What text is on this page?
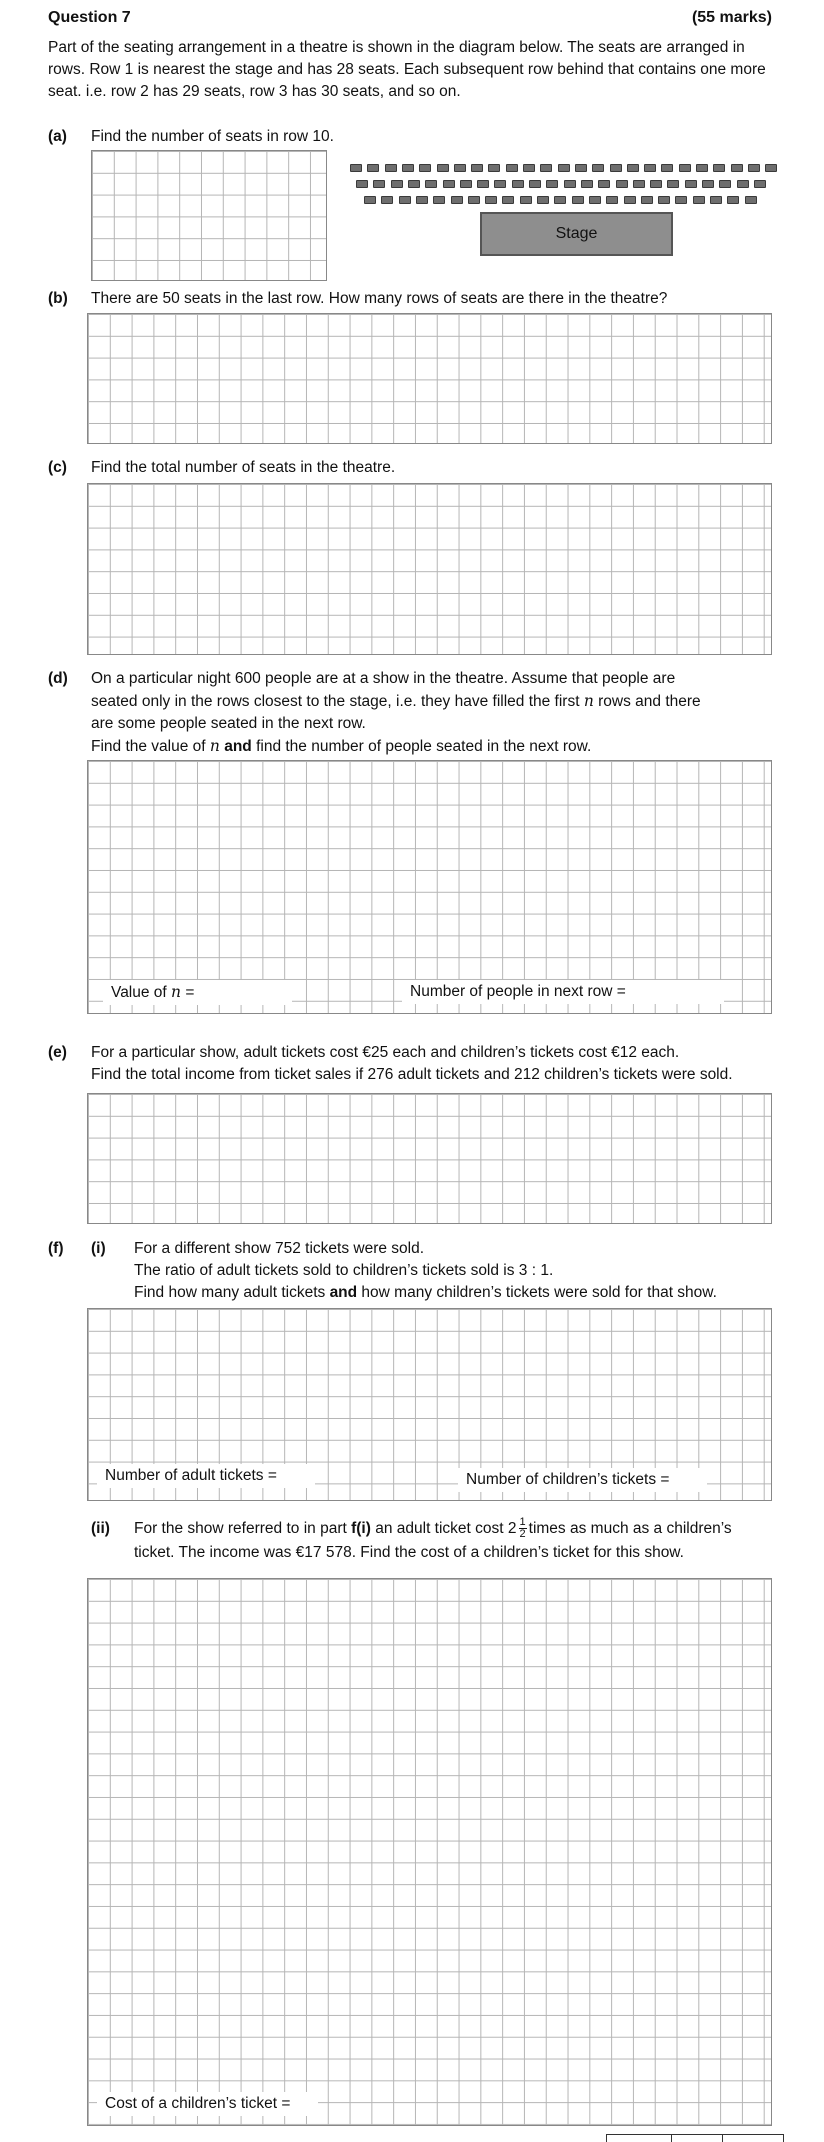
Question 7	(55 marks)
Part of the seating arrangement in a theatre is shown in the diagram below. The seats are arranged in rows. Row 1 is nearest the stage and has 28 seats. Each subsequent row behind that contains one more seat. i.e. row 2 has 29 seats, row 3 has 30 seats, and so on.
(a) Find the number of seats in row 10.
Stage
(b) There are 50 seats in the last row. How many rows of seats are there in the theatre?
(c) Find the total number of seats in the theatre.
(d) On a particular night 600 people are at a show in the theatre. Assume that people are
seated only in the rows closest to the stage, i.e. they have filled the first n rows and there
are some people seated in the next row.
Find the value of n and find the number of people seated in the next row.
Value of n =	Number of people in next row =
(e) For a particular show, adult tickets cost €25 each and children’s tickets cost €12 each.
Find the total income from ticket sales if 276 adult tickets and 212 children’s tickets were sold.
(f) (i) For a different show 752 tickets were sold.
The ratio of adult tickets sold to children’s tickets sold is 3 : 1.
Find how many adult tickets and how many children’s tickets were sold for that show.
Number of adult tickets =	Number of children’s tickets =
(ii) For the show referred to in part f(i) an adult ticket cost $2 \frac{1}{2}$ times as much as a children’s
ticket. The income was €17 578. Find the cost of a children’s ticket for this show.
Cost of a children’s ticket =
